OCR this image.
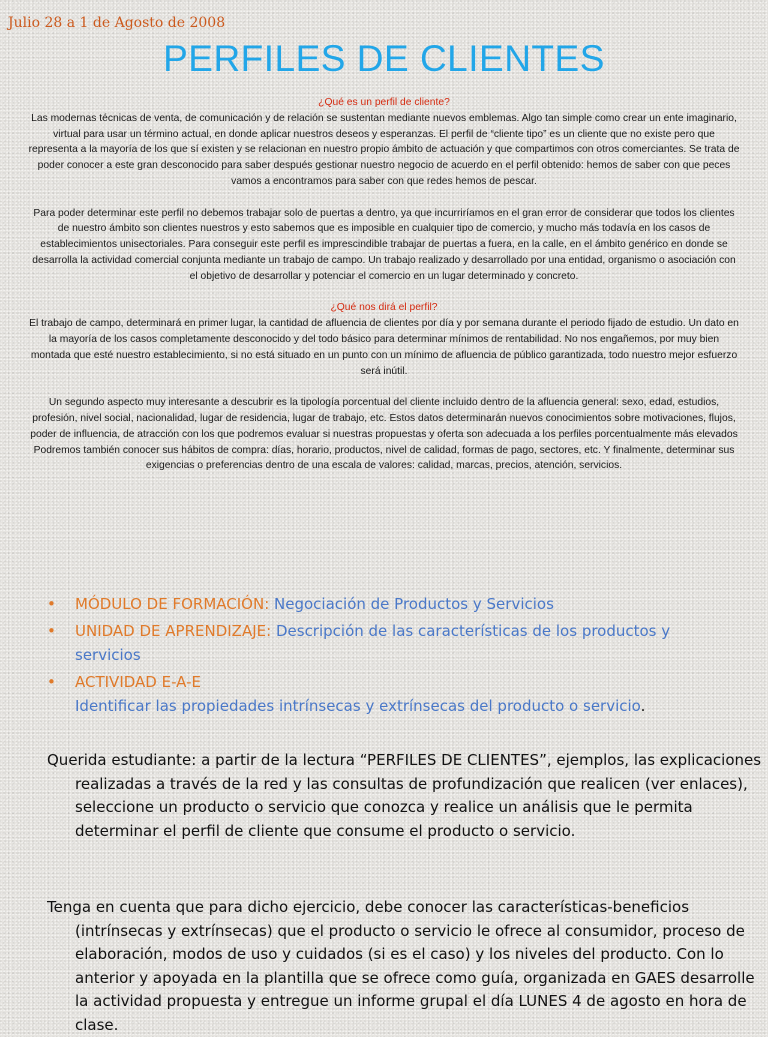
Julio 28 a 1 de Agosto de 2008
PERFILES DE CLIENTES

¿Qué es un perfil de cliente?

Las modernas técnicas de venta, de comunicación y de relación se sustentan mediante nuevos emblemas. Algo tan simple como crear un ente imaginario, virtual para usar un término actual, en donde aplicar nuestros deseos y esperanzas. El perfil de “cliente tipo” es un cliente que no existe pero que representa a la mayoría de los que sí existen y se relacionan en nuestro propio ámbito de actuación y que compartimos con otros comerciantes. Se trata de poder conocer a este gran desconocido para saber después gestionar nuestro negocio de acuerdo en el perfil obtenido: hemos de saber con que peces vamos a encontramos para saber con que redes hemos de pescar.

Para poder determinar este perfil no debemos trabajar solo de puertas a dentro, ya que incurriríamos en el gran error de considerar que todos los clientes de nuestro ámbito son clientes nuestros y esto sabemos que es imposible en cualquier tipo de comercio, y mucho más todavía en los casos de establecimientos unisectoriales. Para conseguir este perfil es imprescindible trabajar de puertas a fuera, en la calle, en el ámbito genérico en donde se desarrolla la actividad comercial conjunta mediante un trabajo de campo. Un trabajo realizado y desarrollado por una entidad, organismo o asociación con el objetivo de desarrollar y potenciar el comercio en un lugar determinado y concreto.

¿Qué nos dirá el perfil?

El trabajo de campo, determinará en primer lugar, la cantidad de afluencia de clientes por día y por semana durante el periodo fijado de estudio. Un dato en la mayoría de los casos completamente desconocido y del todo básico para determinar mínimos de rentabilidad. No nos engañemos, por muy bien montada que esté nuestro establecimiento, si no está situado en un punto con un mínimo de afluencia de público garantizada, todo nuestro mejor esfuerzo será inútil.

Un segundo aspecto muy interesante a descubrir es la tipología porcentual del cliente incluido dentro de la afluencia general: sexo, edad, estudios, profesión, nivel social, nacionalidad, lugar de residencia, lugar de trabajo, etc. Estos datos determinarán nuevos conocimientos sobre motivaciones, flujos, poder de influencia, de atracción con los que podremos evaluar si nuestras propuestas y oferta son adecuada a los perfiles porcentualmente más elevados

Podremos también conocer sus hábitos de compra: días, horario, productos, nivel de calidad, formas de pago, sectores, etc. Y finalmente, determinar sus exigencias o preferencias dentro de una escala de valores: calidad, marcas, precios, atención, servicios.

• MÓDULO DE FORMACIÓN: Negociación de Productos y Servicios
• UNIDAD DE APRENDIZAJE: Descripción de las características de los productos y servicios
• ACTIVIDAD E-A-E
Identificar las propiedades intrínsecas y extrínsecas del producto o servicio.

Querida estudiante: a partir de la lectura “PERFILES DE CLIENTES”, ejemplos, las explicaciones realizadas a través de la red y las consultas de profundización que realicen (ver enlaces), seleccione un producto o servicio que conozca y realice un análisis que le permita determinar el perfil de cliente que consume el producto o servicio.

Tenga en cuenta que para dicho ejercicio, debe conocer las características-beneficios (intrínsecas y extrínsecas) que el producto o servicio le ofrece al consumidor, proceso de elaboración, modos de uso y cuidados (si es el caso) y los niveles del producto. Con lo anterior y apoyada en la plantilla que se ofrece como guía, organizada en GAES desarrolle la actividad propuesta y entregue un informe grupal el día LUNES 4 de agosto en hora de clase.
